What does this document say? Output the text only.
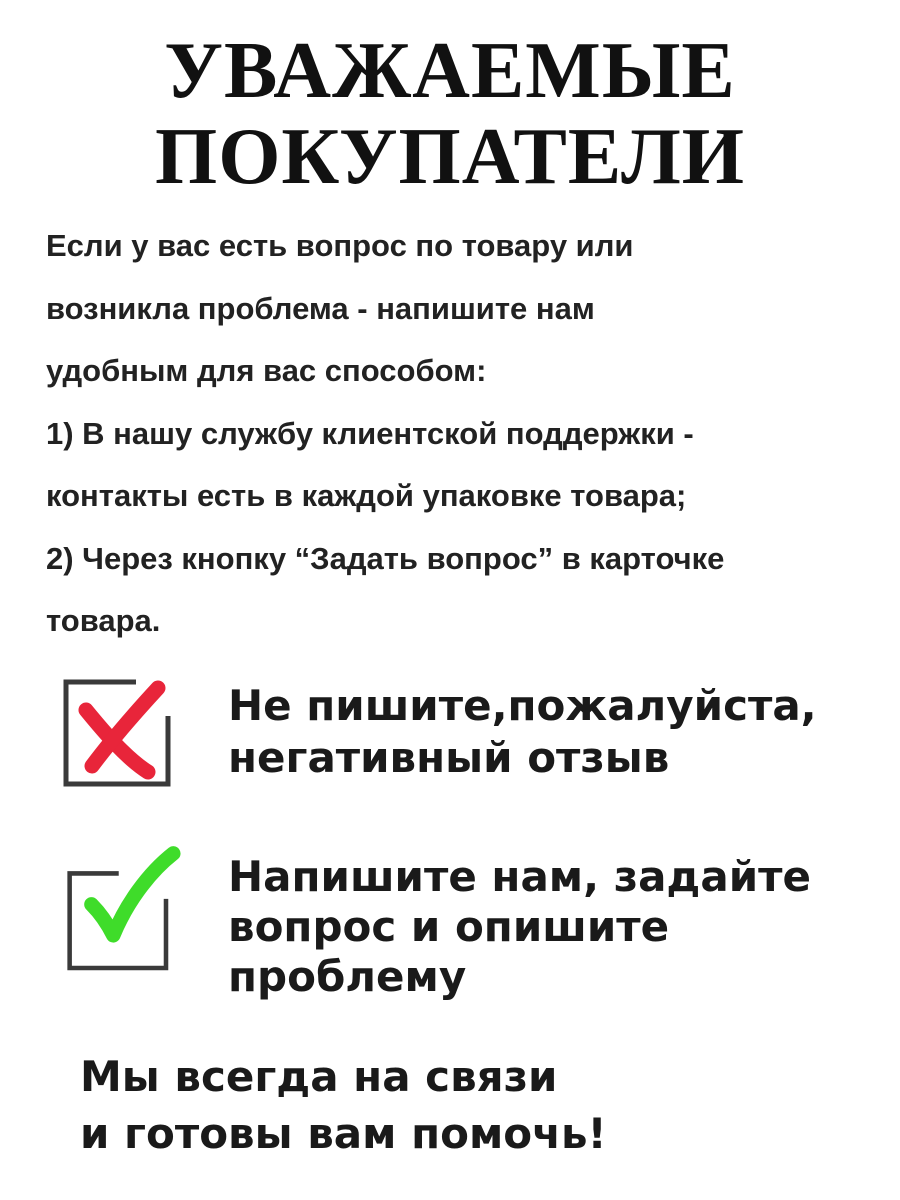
УВАЖАЕМЫЕ
ПОКУПАТЕЛИ
Если у вас есть вопрос по товару или
возникла проблема - напишите нам
удобным для вас способом:
1) В нашу службу клиентской поддержки -
контакты есть в каждой упаковке товара;
2) Через кнопку “Задать вопрос” в карточке
товара.
Не пишите,пожалуйста,
негативный отзыв
Напишите нам, задайте
вопрос и опишите
проблему
Мы всегда на связи
и готовы вам помочь!
